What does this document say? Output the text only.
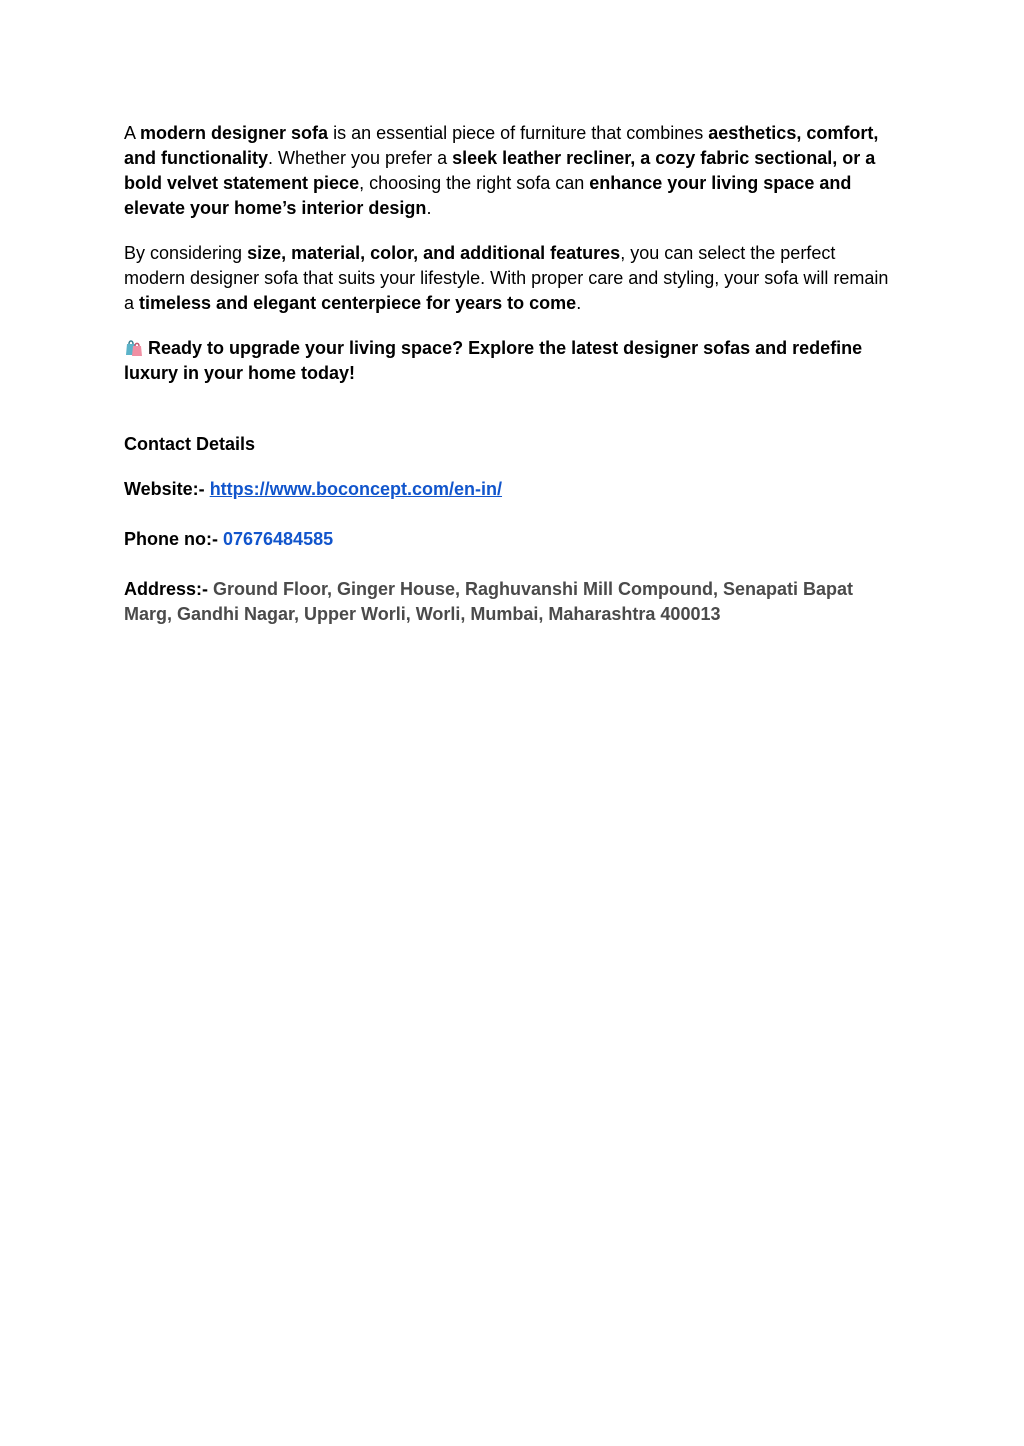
A modern designer sofa is an essential piece of furniture that combines aesthetics, comfort, and functionality. Whether you prefer a sleek leather recliner, a cozy fabric sectional, or a bold velvet statement piece, choosing the right sofa can enhance your living space and elevate your home’s interior design.

By considering size, material, color, and additional features, you can select the perfect modern designer sofa that suits your lifestyle. With proper care and styling, your sofa will remain a timeless and elegant centerpiece for years to come.

Ready to upgrade your living space? Explore the latest designer sofas and redefine luxury in your home today!

Contact Details

Website:- https://www.boconcept.com/en-in/

Phone no:- 07676484585

Address:- Ground Floor, Ginger House, Raghuvanshi Mill Compound, Senapati Bapat Marg, Gandhi Nagar, Upper Worli, Worli, Mumbai, Maharashtra 400013
